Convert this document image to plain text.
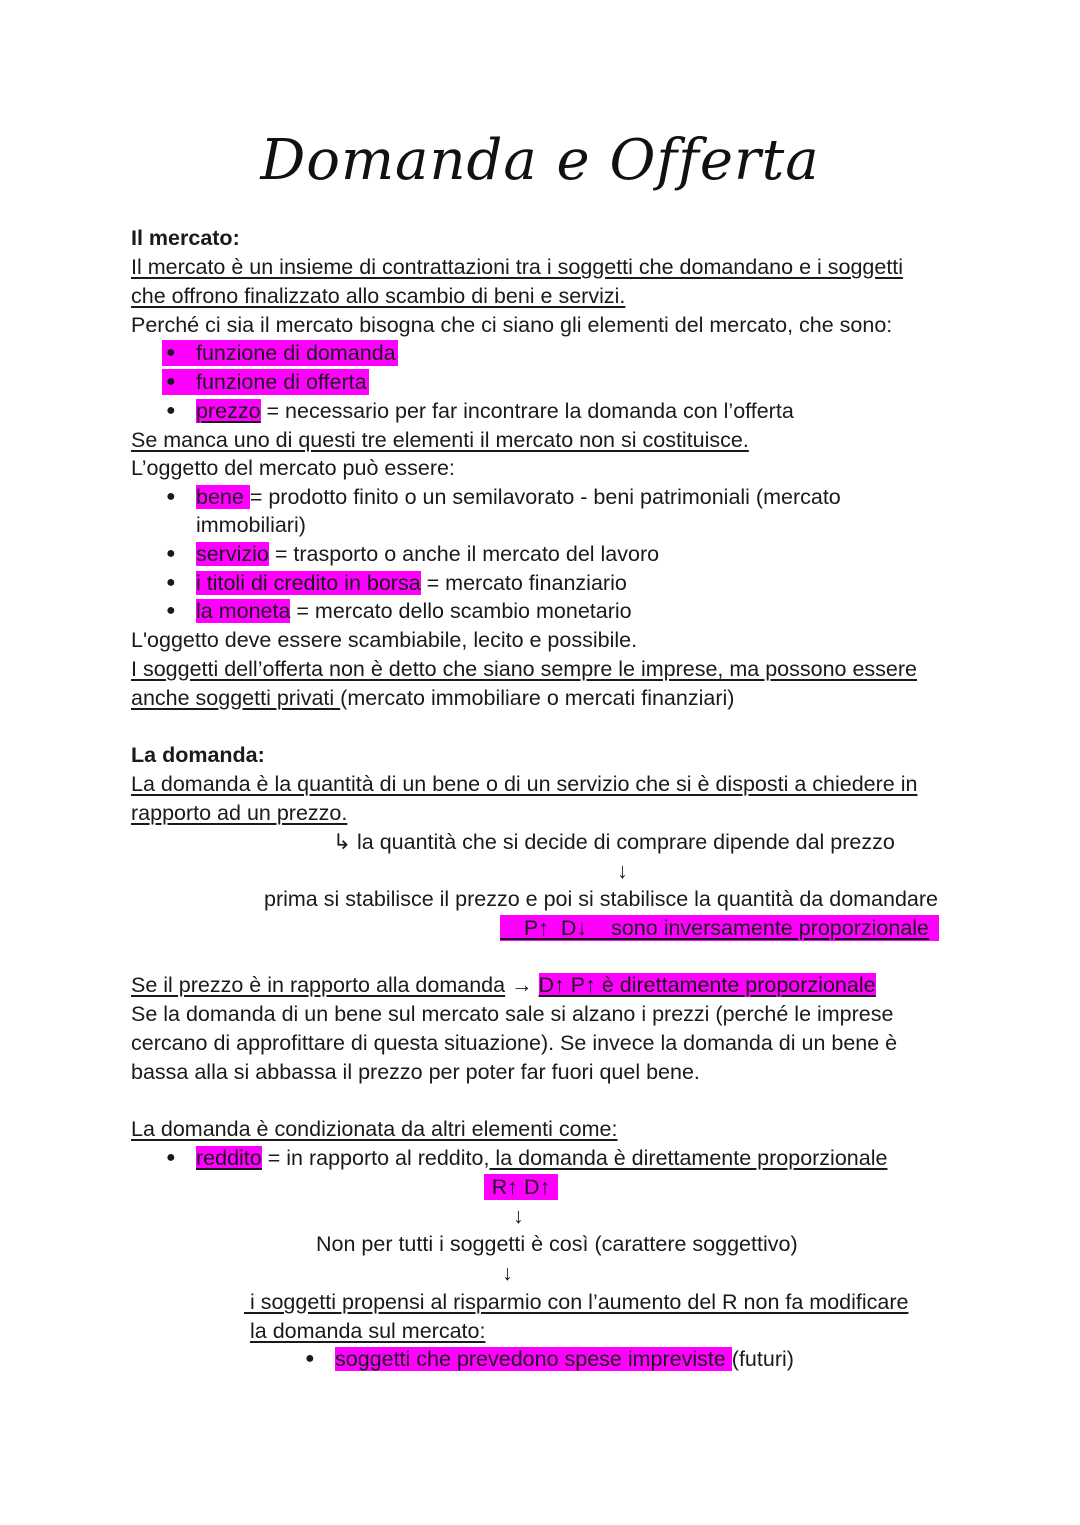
Domanda e Offerta
Il mercato:
Il mercato è un insieme di contrattazioni tra i soggetti che domandano e i soggetti
che offrono finalizzato allo scambio di beni e servizi.
Perché ci sia il mercato bisogna che ci siano gli elementi del mercato, che sono:
● funzione di domanda
● funzione di offerta
● prezzo = necessario per far incontrare la domanda con l’offerta
Se manca uno di questi tre elementi il mercato non si costituisce.
L’oggetto del mercato può essere:
● bene = prodotto finito o un semilavorato - beni patrimoniali (mercato
immobiliari)
● servizio = trasporto o anche il mercato del lavoro
● i titoli di credito in borsa = mercato finanziario
● la moneta = mercato dello scambio monetario
L'oggetto deve essere scambiabile, lecito e possibile.
I soggetti dell’offerta non è detto che siano sempre le imprese, ma possono essere
anche soggetti privati (mercato immobiliare o mercati finanziari)
La domanda:
La domanda è la quantità di un bene o di un servizio che si è disposti a chiedere in
rapporto ad un prezzo.
↳ la quantità che si decide di comprare dipende dal prezzo
↓
prima si stabilisce il prezzo e poi si stabilisce la quantità da domandare
P↑  D↓    sono inversamente proporzionale
Se il prezzo è in rapporto alla domanda → D↑ P↑ è direttamente proporzionale
Se la domanda di un bene sul mercato sale si alzano i prezzi (perché le imprese
cercano di approfittare di questa situazione). Se invece la domanda di un bene è
bassa alla si abbassa il prezzo per poter far fuori quel bene.
La domanda è condizionata da altri elementi come:
● reddito = in rapporto al reddito, la domanda è direttamente proporzionale
R↑ D↑
↓
Non per tutti i soggetti è così (carattere soggettivo)
↓
i soggetti propensi al risparmio con l’aumento del R non fa modificare
la domanda sul mercato:
● soggetti che prevedono spese impreviste (futuri)
